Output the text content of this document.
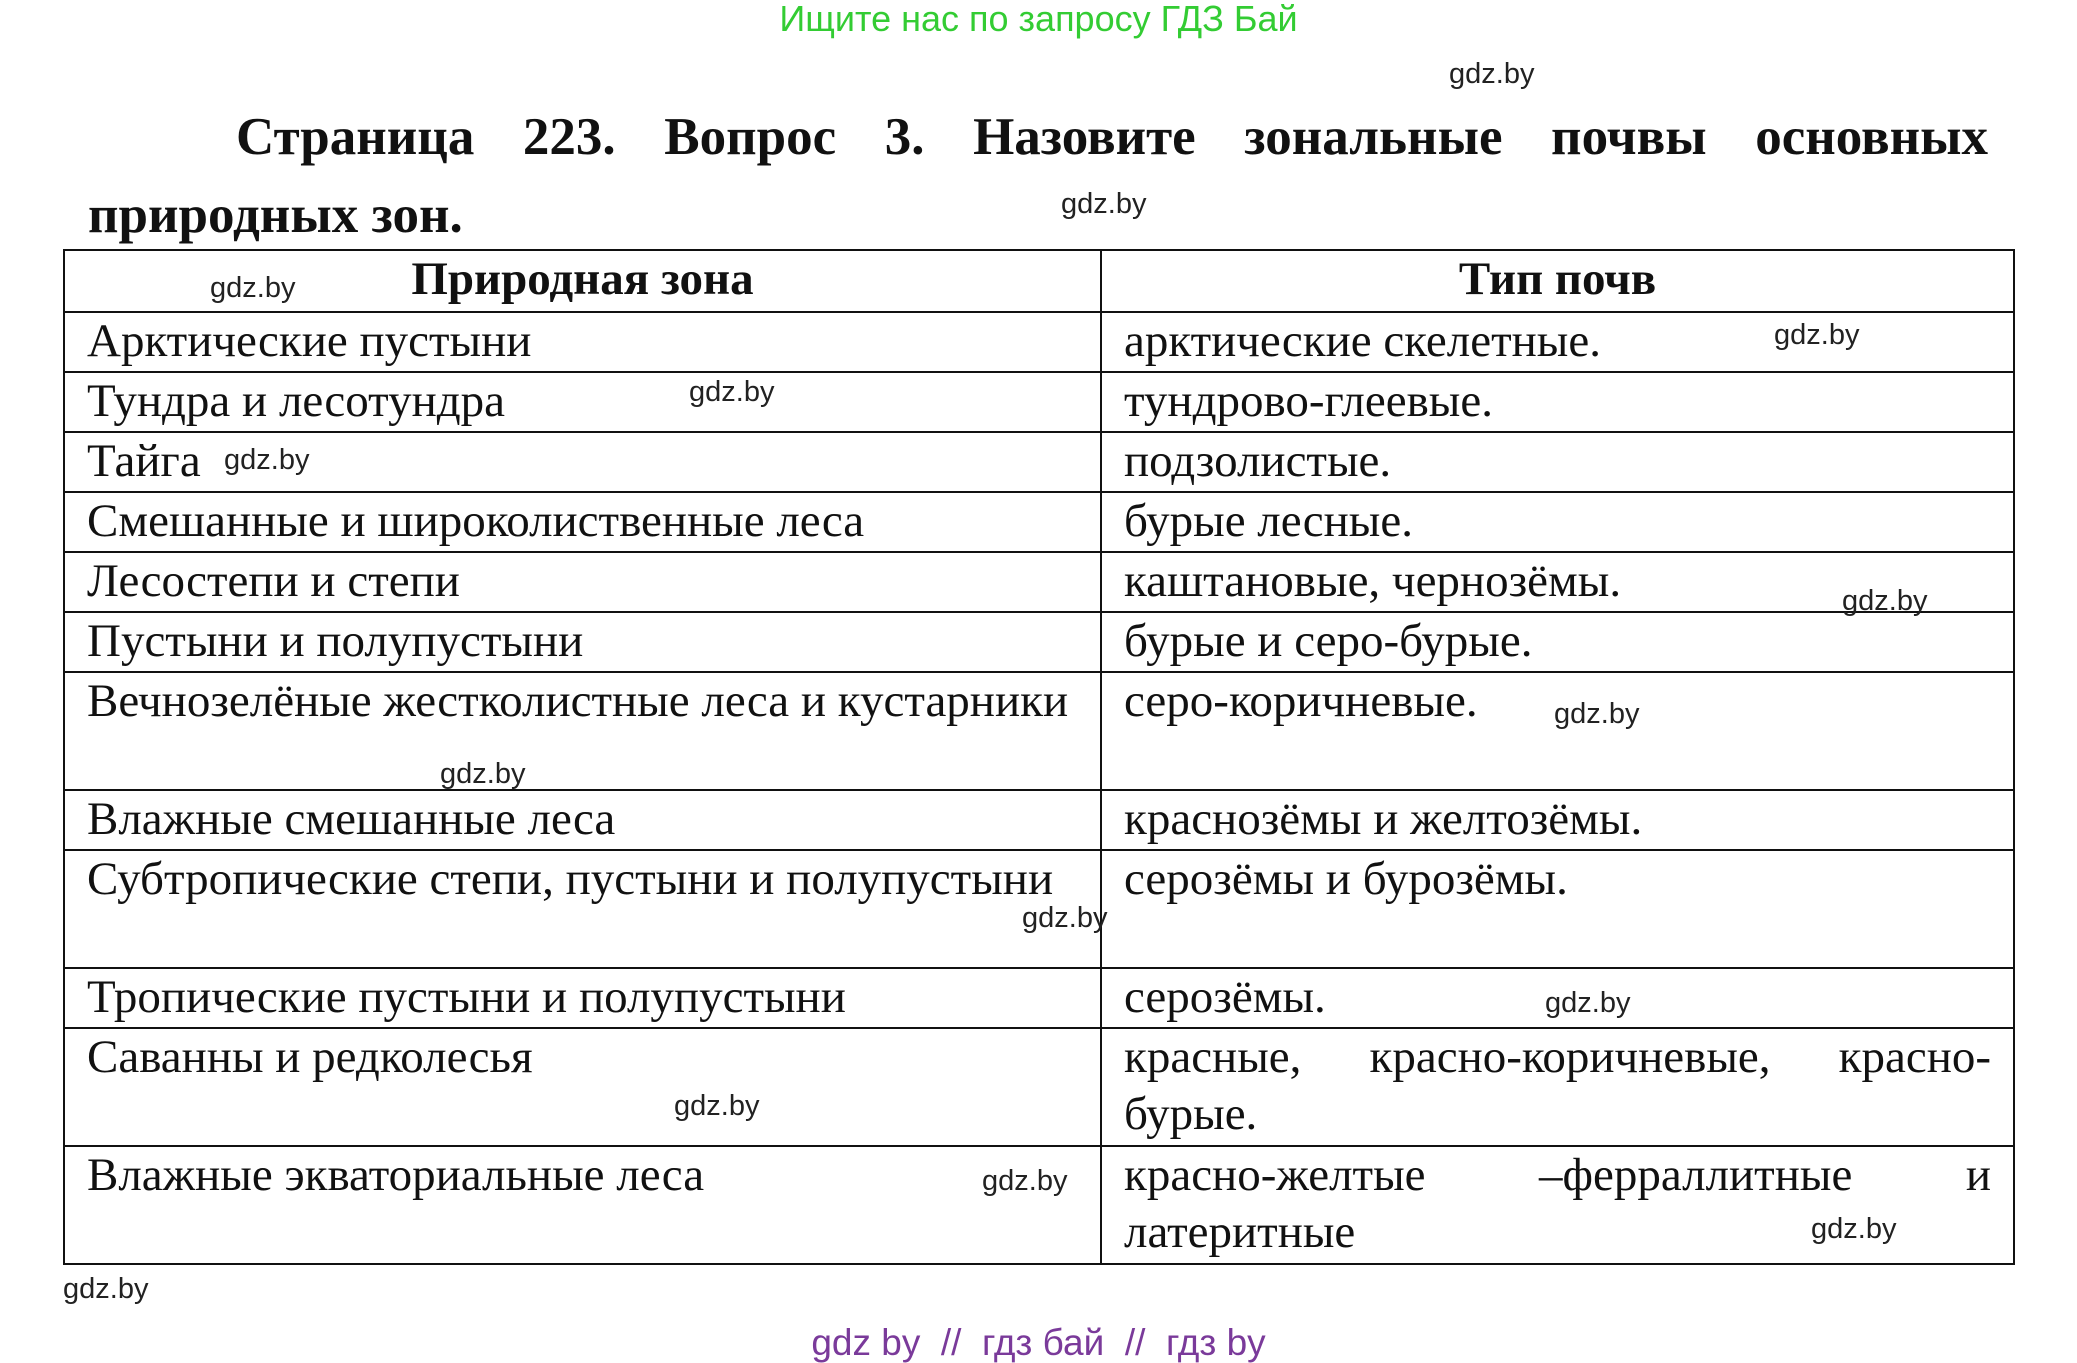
Ищите нас по запросу ГДЗ Бай

Страница 223. Вопрос 3. Назовите зональные почвы основных природных зон.

Природная зона	Тип почв
Арктические пустыни	арктические скелетные.
Тундра и лесотундра	тундрово-глеевые.
Тайга	подзолистые.
Смешанные и широколиственные леса	бурые лесные.
Лесостепи и степи	каштановые, чернозёмы.
Пустыни и полупустыни	бурые и серо-бурые.
Вечнозелёные жестколистные леса и кустарники	серо-коричневые.
Влажные смешанные леса	краснозёмы и желтозёмы.
Субтропические степи, пустыни и полупустыни	серозёмы и бурозёмы.
Тропические пустыни и полупустыни	серозёмы.
Саванны и редколесья	красные, красно-коричневые, красно-бурые.
Влажные экваториальные леса	красно-желтые –ферраллитные и латеритные
gdz.by
gdz.by
gdz.by
gdz.by
gdz.by
gdz.by
gdz.by
gdz.by
gdz.by
gdz.by
gdz.by
gdz.by
gdz.by
gdz.by
gdz.by
gdz by  //  гдз бай  //  гдз by
